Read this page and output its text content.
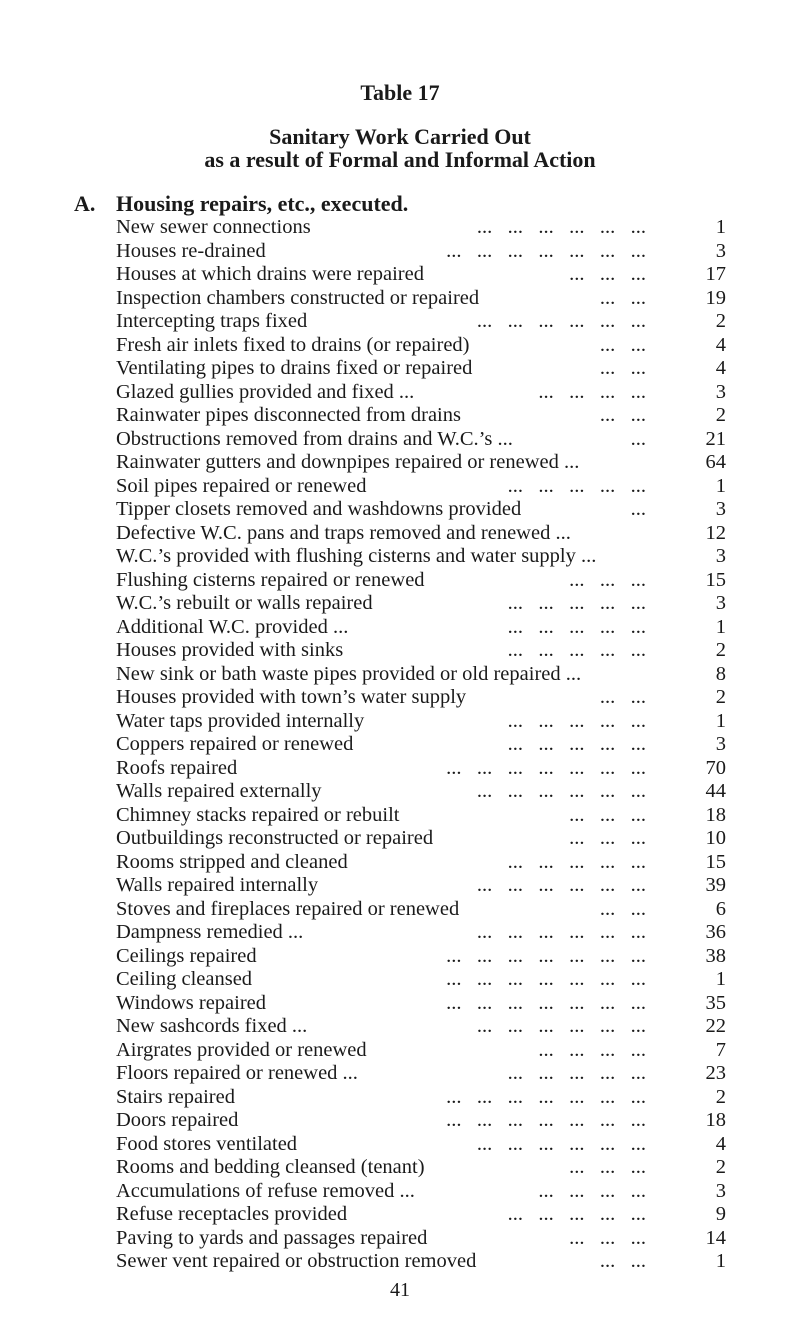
Table 17
Sanitary Work Carried Out
as a result of Formal and Informal Action
A. Housing repairs, etc., executed.
New sewer connections	...   ...   ...   ...   ...   ...	1
Houses re-drained	...   ...   ...   ...   ...   ...   ...	3
Houses at which drains were repaired	...   ...   ...	17
Inspection chambers constructed or repaired	...   ...	19
Intercepting traps fixed	...   ...   ...   ...   ...   ...	2
Fresh air inlets fixed to drains (or repaired)	...   ...	4
Ventilating pipes to drains fixed or repaired	...   ...	4
Glazed gullies provided and fixed ...	...   ...   ...   ...	3
Rainwater pipes disconnected from drains	...   ...	2
Obstructions removed from drains and W.C.’s ...	...	21
Rainwater gutters and downpipes repaired or renewed ...	64
Soil pipes repaired or renewed	...   ...   ...   ...   ...	1
Tipper closets removed and washdowns provided	...	3
Defective W.C. pans and traps removed and renewed ...	12
W.C.’s provided with flushing cisterns and water supply ...	3
Flushing cisterns repaired or renewed	...   ...   ...	15
W.C.’s rebuilt or walls repaired	...   ...   ...   ...   ...	3
Additional W.C. provided ...	...   ...   ...   ...   ...	1
Houses provided with sinks	...   ...   ...   ...   ...	2
New sink or bath waste pipes provided or old repaired ...	8
Houses provided with town’s water supply	...   ...	2
Water taps provided internally	...   ...   ...   ...   ...	1
Coppers repaired or renewed	...   ...   ...   ...   ...	3
Roofs repaired	...   ...   ...   ...   ...   ...   ...	70
Walls repaired externally	...   ...   ...   ...   ...   ...	44
Chimney stacks repaired or rebuilt	...   ...   ...	18
Outbuildings reconstructed or repaired	...   ...   ...	10
Rooms stripped and cleaned	...   ...   ...   ...   ...	15
Walls repaired internally	...   ...   ...   ...   ...   ...	39
Stoves and fireplaces repaired or renewed	...   ...	6
Dampness remedied ...	...   ...   ...   ...   ...   ...	36
Ceilings repaired	...   ...   ...   ...   ...   ...   ...	38
Ceiling cleansed	...   ...   ...   ...   ...   ...   ...	1
Windows repaired	...   ...   ...   ...   ...   ...   ...	35
New sashcords fixed ...	...   ...   ...   ...   ...   ...	22
Airgrates provided or renewed	...   ...   ...   ...	7
Floors repaired or renewed ...	...   ...   ...   ...   ...	23
Stairs repaired	...   ...   ...   ...   ...   ...   ...	2
Doors repaired	...   ...   ...   ...   ...   ...   ...	18
Food stores ventilated	...   ...   ...   ...   ...   ...	4
Rooms and bedding cleansed (tenant)	...   ...   ...	2
Accumulations of refuse removed ...	...   ...   ...   ...	3
Refuse receptacles provided	...   ...   ...   ...   ...	9
Paving to yards and passages repaired	...   ...   ...	14
Sewer vent repaired or obstruction removed	...   ...	1
41
